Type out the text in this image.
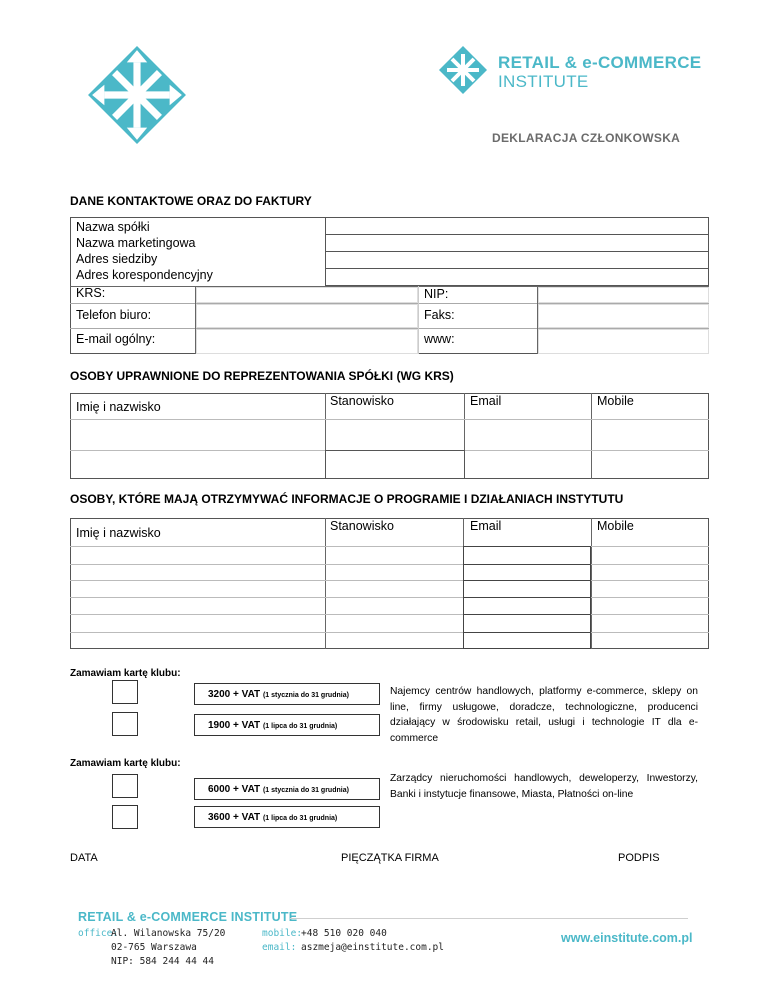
RETAIL & e-COMMERCE
INSTITUTE
DEKLARACJA CZŁONKOWSKA
DANE KONTAKTOWE ORAZ DO FAKTURY
Nazwa spółki
Nazwa marketingowa
Adres siedziby
Adres korespondencyjny
KRS:	NIP:
Telefon biuro:	Faks:
E-mail ogólny:	www:
OSOBY UPRAWNIONE DO REPREZENTOWANIA SPÓŁKI (WG KRS)
Imię i nazwisko	Stanowisko	Email	Mobile
OSOBY, KTÓRE MAJĄ OTRZYMYWAĆ INFORMACJE O PROGRAMIE I DZIAŁANIACH INSTYTUTU
Imię i nazwisko	Stanowisko	Email	Mobile
Zamawiam kartę klubu:
3200 + VAT (1 stycznia do 31 grudnia)
1900 + VAT (1 lipca do 31 grudnia)
Najemcy centrów handlowych, platformy e-commerce, sklepy on line, firmy usługowe, doradcze, technologiczne, producenci działający w środowisku retail, usługi i technologie IT dla e-commerce
Zamawiam kartę klubu:
6000 + VAT (1 stycznia do 31 grudnia)
3600 + VAT (1 lipca do 31 grudnia)
Zarządcy nieruchomości handlowych, deweloperzy, Inwestorzy, Banki i instytucje finansowe, Miasta, Płatności on-line
DATA	PIĘCZĄTKA FIRMA	PODPIS
RETAIL & e-COMMERCE INSTITUTE
office:
Al. Wilanowska 75/20
02-765 Warszawa
NIP: 584 244 44 44
mobile:
+48 510 020 040
email: aszmeja@einstitute.com.pl
www.einstitute.com.pl
